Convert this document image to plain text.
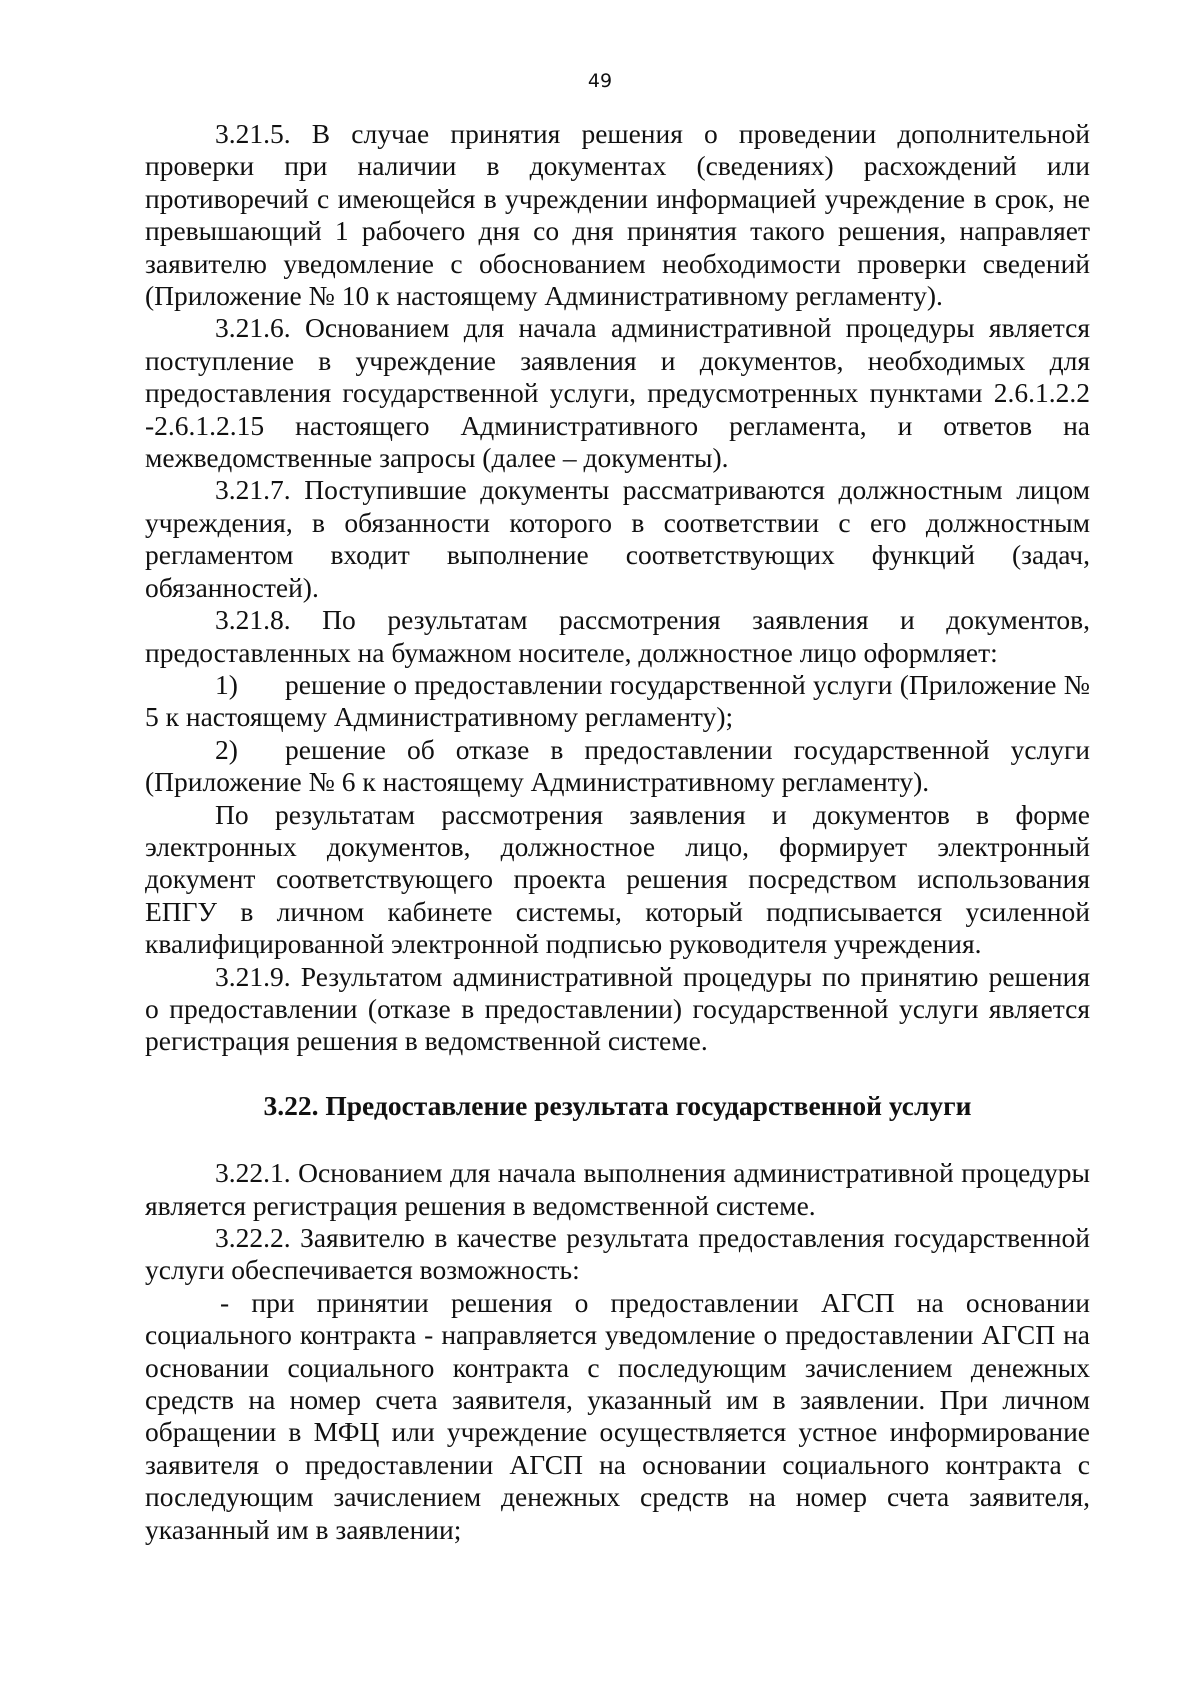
49

3.21.5. В случае принятия решения о проведении дополнительной проверки при наличии в документах (сведениях) расхождений или противоречий с имеющейся в учреждении информацией учреждение в срок, не превышающий 1 рабочего дня со дня принятия такого решения, направляет заявителю уведомление с обоснованием необходимости проверки сведений (Приложение № 10 к настоящему Административному регламенту).

3.21.6. Основанием для начала административной процедуры является поступление в учреждение заявления и документов, необходимых для предоставления государственной услуги, предусмотренных пунктами 2.6.1.2.2 -2.6.1.2.15 настоящего Административного регламента, и ответов на межведомственные запросы (далее – документы).

3.21.7. Поступившие документы рассматриваются должностным лицом учреждения, в обязанности которого в соответствии с его должностным регламентом входит выполнение соответствующих функций (задач, обязанностей).

3.21.8. По результатам рассмотрения заявления и документов, предоставленных на бумажном носителе, должностное лицо оформляет:

1) решение о предоставлении государственной услуги (Приложение № 5 к настоящему Административному регламенту);

2) решение об отказе в предоставлении государственной услуги (Приложение № 6 к настоящему Административному регламенту).

По результатам рассмотрения заявления и документов в форме электронных документов, должностное лицо, формирует электронный документ соответствующего проекта решения посредством использования ЕПГУ в личном кабинете системы, который подписывается усиленной квалифицированной электронной подписью руководителя учреждения.

3.21.9. Результатом административной процедуры по принятию решения о предоставлении (отказе в предоставлении) государственной услуги является регистрация решения в ведомственной системе.

3.22. Предоставление результата государственной услуги

3.22.1. Основанием для начала выполнения административной процедуры является регистрация решения в ведомственной системе.

3.22.2. Заявителю в качестве результата предоставления государственной услуги обеспечивается возможность:

- при принятии решения о предоставлении АГСП на основании социального контракта - направляется уведомление о предоставлении АГСП на основании социального контракта с последующим зачислением денежных средств на номер счета заявителя, указанный им в заявлении. При личном обращении в МФЦ или учреждение осуществляется устное информирование заявителя о предоставлении АГСП на основании социального контракта с последующим зачислением денежных средств на номер счета заявителя, указанный им в заявлении;
